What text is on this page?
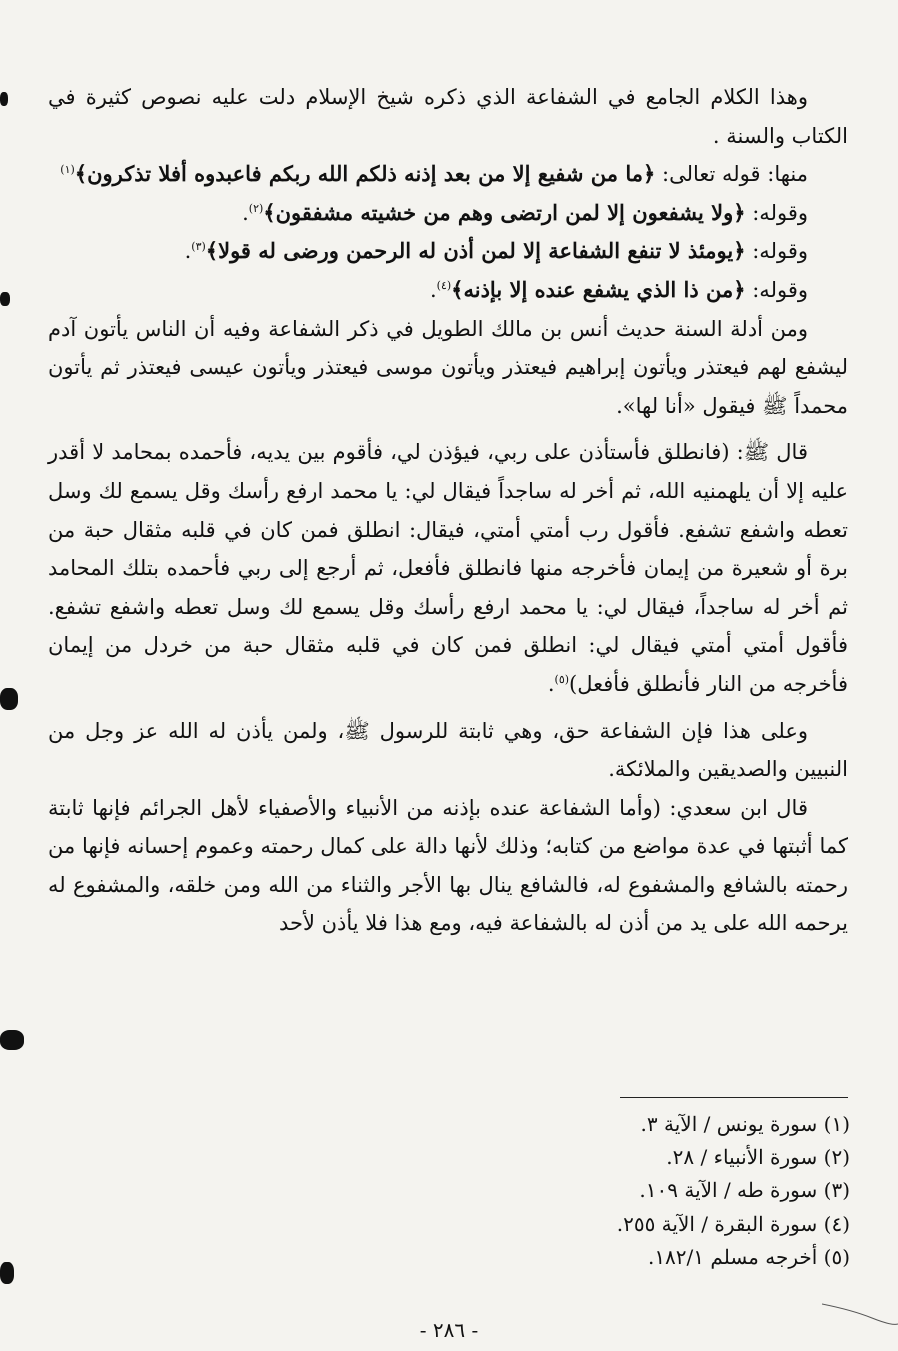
وهذا الكلام الجامع في الشفاعة الذي ذكره شيخ الإسلام دلت عليه نصوص كثيرة في الكتاب والسنة .

منها: قوله تعالى: ﴿ما من شفيع إلا من بعد إذنه ذلكم الله ربكم فاعبدوه أفلا تذكرون﴾$^{(١)}$

وقوله: ﴿ولا يشفعون إلا لمن ارتضى وهم من خشيته مشفقون﴾$^{(٢)}$.

وقوله: ﴿يومئذ لا تنفع الشفاعة إلا لمن أذن له الرحمن ورضى له قولا﴾$^{(٣)}$.

وقوله: ﴿من ذا الذي يشفع عنده إلا بإذنه﴾$^{(٤)}$.

ومن أدلة السنة حديث أنس بن مالك الطويل في ذكر الشفاعة وفيه أن الناس يأتون آدم ليشفع لهم فيعتذر ويأتون إبراهيم فيعتذر ويأتون موسى فيعتذر ويأتون عيسى فيعتذر ثم يأتون محمداً ﷺ فيقول «أنا لها».

قال ﷺ: (فانطلق فأستأذن على ربي، فيؤذن لي، فأقوم بين يديه، فأحمده بمحامد لا أقدر عليه إلا أن يلهمنيه الله، ثم أخر له ساجداً فيقال لي: يا محمد ارفع رأسك وقل يسمع لك وسل تعطه واشفع تشفع. فأقول رب أمتي أمتي، فيقال: انطلق فمن كان في قلبه مثقال حبة من برة أو شعيرة من إيمان فأخرجه منها فانطلق فأفعل، ثم أرجع إلى ربي فأحمده بتلك المحامد ثم أخر له ساجداً، فيقال لي: يا محمد ارفع رأسك وقل يسمع لك وسل تعطه واشفع تشفع. فأقول أمتي أمتي فيقال لي: انطلق فمن كان في قلبه مثقال حبة من خردل من إيمان فأخرجه من النار فأنطلق فأفعل)$^{(٥)}$.

وعلى هذا فإن الشفاعة حق، وهي ثابتة للرسول ﷺ، ولمن يأذن له الله عز وجل من النبيين والصديقين والملائكة.

قال ابن سعدي: (وأما الشفاعة عنده بإذنه من الأنبياء والأصفياء لأهل الجرائم فإنها ثابتة كما أثبتها في عدة مواضع من كتابه؛ وذلك لأنها دالة على كمال رحمته وعموم إحسانه فإنها من رحمته بالشافع والمشفوع له، فالشافع ينال بها الأجر والثناء من الله ومن خلقه، والمشفوع له يرحمه الله على يد من أذن له بالشفاعة فيه، ومع هذا فلا يأذن لأحد

(١) سورة يونس / الآية ٣.

(٢) سورة الأنبياء / ٢٨.

(٣) سورة طه / الآية ١٠٩.

(٤) سورة البقرة / الآية ٢٥٥.

(٥) أخرجه مسلم ١٨٢/١.

- ٢٨٦ -
